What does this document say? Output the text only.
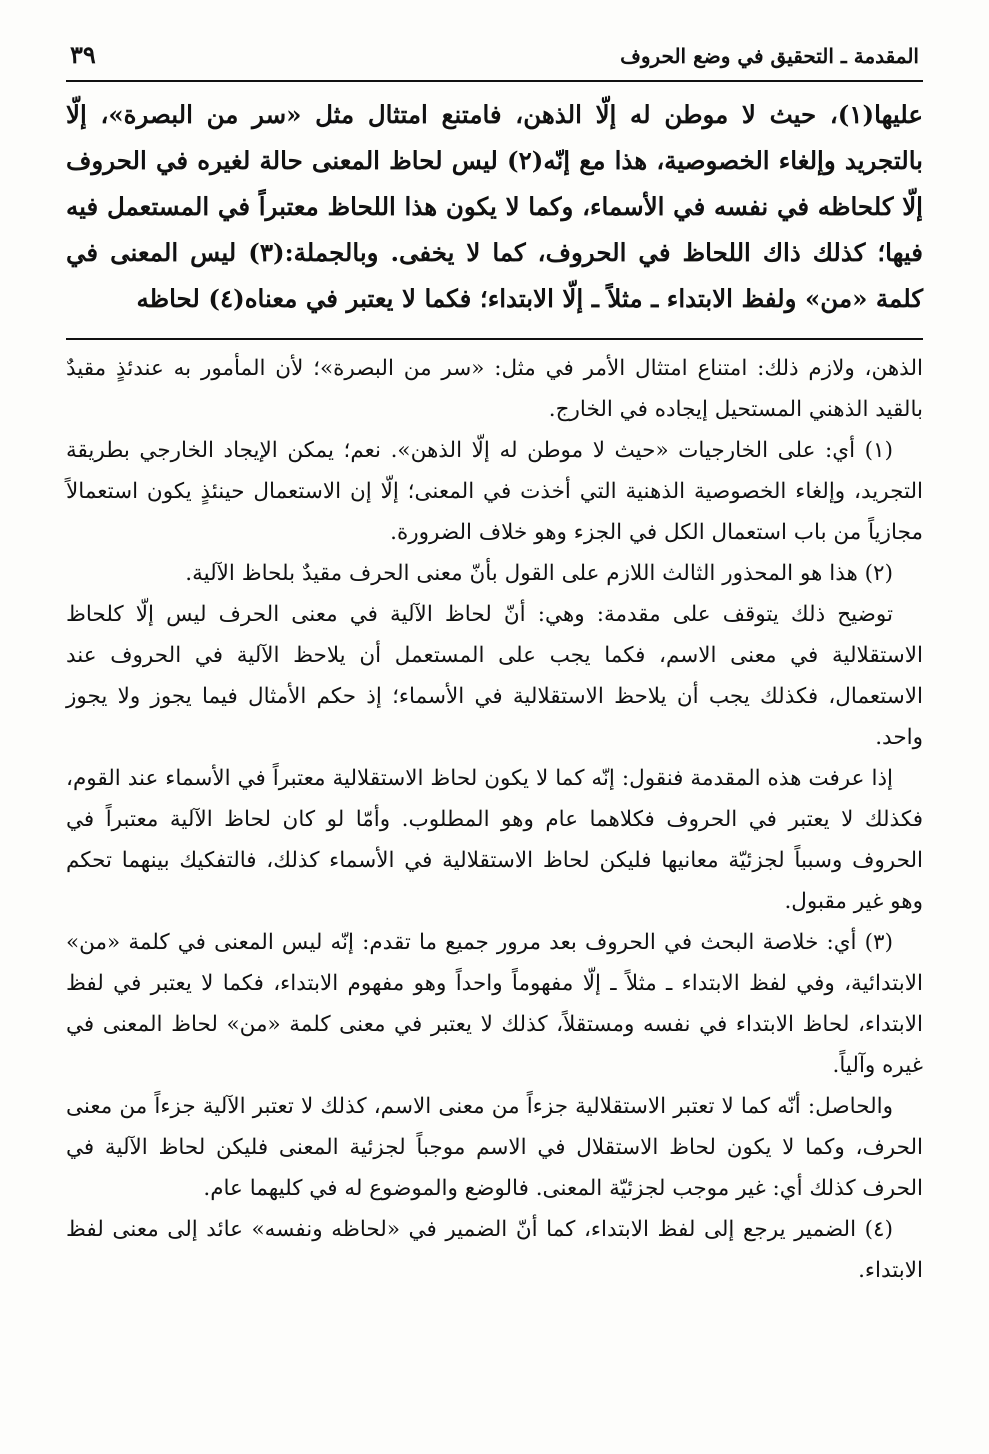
المقدمة ـ التحقيق في وضع الحروف
٣٩

عليها(١)، حيث لا موطن له إلّا الذهن، فامتنع امتثال مثل «سر من البصرة»، إلّا بالتجريد وإلغاء الخصوصية، هذا مع إنّه(٢) ليس لحاظ المعنى حالة لغيره في الحروف إلّا كلحاظه في نفسه في الأسماء، وكما لا يكون هذا اللحاظ معتبراً في المستعمل فيه فيها؛ كذلك ذاك اللحاظ في الحروف، كما لا يخفى. وبالجملة:(٣) ليس المعنى في كلمة «من» ولفظ الابتداء ـ مثلاً ـ إلّا الابتداء؛ فكما لا يعتبر في معناه(٤) لحاظه

الذهن، ولازم ذلك: امتناع امتثال الأمر في مثل: «سر من البصرة»؛ لأن المأمور به عندئذٍ مقيدٌ بالقيد الذهني المستحيل إيجاده في الخارج.

(١) أي: على الخارجيات «حيث لا موطن له إلّا الذهن». نعم؛ يمكن الإيجاد الخارجي بطريقة التجريد، وإلغاء الخصوصية الذهنية التي أخذت في المعنى؛ إلّا إن الاستعمال حينئذٍ يكون استعمالاً مجازياً من باب استعمال الكل في الجزء وهو خلاف الضرورة.

(٢) هذا هو المحذور الثالث اللازم على القول بأنّ معنى الحرف مقيدٌ بلحاظ الآلية.

توضيح ذلك يتوقف على مقدمة: وهي: أنّ لحاظ الآلية في معنى الحرف ليس إلّا كلحاظ الاستقلالية في معنى الاسم، فكما يجب على المستعمل أن يلاحظ الآلية في الحروف عند الاستعمال، فكذلك يجب أن يلاحظ الاستقلالية في الأسماء؛ إذ حكم الأمثال فيما يجوز ولا يجوز واحد.

إذا عرفت هذه المقدمة فنقول: إنّه كما لا يكون لحاظ الاستقلالية معتبراً في الأسماء عند القوم، فكذلك لا يعتبر في الحروف فكلاهما عام وهو المطلوب. وأمّا لو كان لحاظ الآلية معتبراً في الحروف وسبباً لجزئيّة معانيها فليكن لحاظ الاستقلالية في الأسماء كذلك، فالتفكيك بينهما تحكم وهو غير مقبول.

(٣) أي: خلاصة البحث في الحروف بعد مرور جميع ما تقدم: إنّه ليس المعنى في كلمة «من» الابتدائية، وفي لفظ الابتداء ـ مثلاً ـ إلّا مفهوماً واحداً وهو مفهوم الابتداء، فكما لا يعتبر في لفظ الابتداء، لحاظ الابتداء في نفسه ومستقلاً، كذلك لا يعتبر في معنى كلمة «من» لحاظ المعنى في غيره وآلياً.

والحاصل: أنّه كما لا تعتبر الاستقلالية جزءاً من معنى الاسم، كذلك لا تعتبر الآلية جزءاً من معنى الحرف، وكما لا يكون لحاظ الاستقلال في الاسم موجباً لجزئية المعنى فليكن لحاظ الآلية في الحرف كذلك أي: غير موجب لجزئيّة المعنى. فالوضع والموضوع له في كليهما عام.

(٤) الضمير يرجع إلى لفظ الابتداء، كما أنّ الضمير في «لحاظه ونفسه» عائد إلى معنى لفظ الابتداء.
